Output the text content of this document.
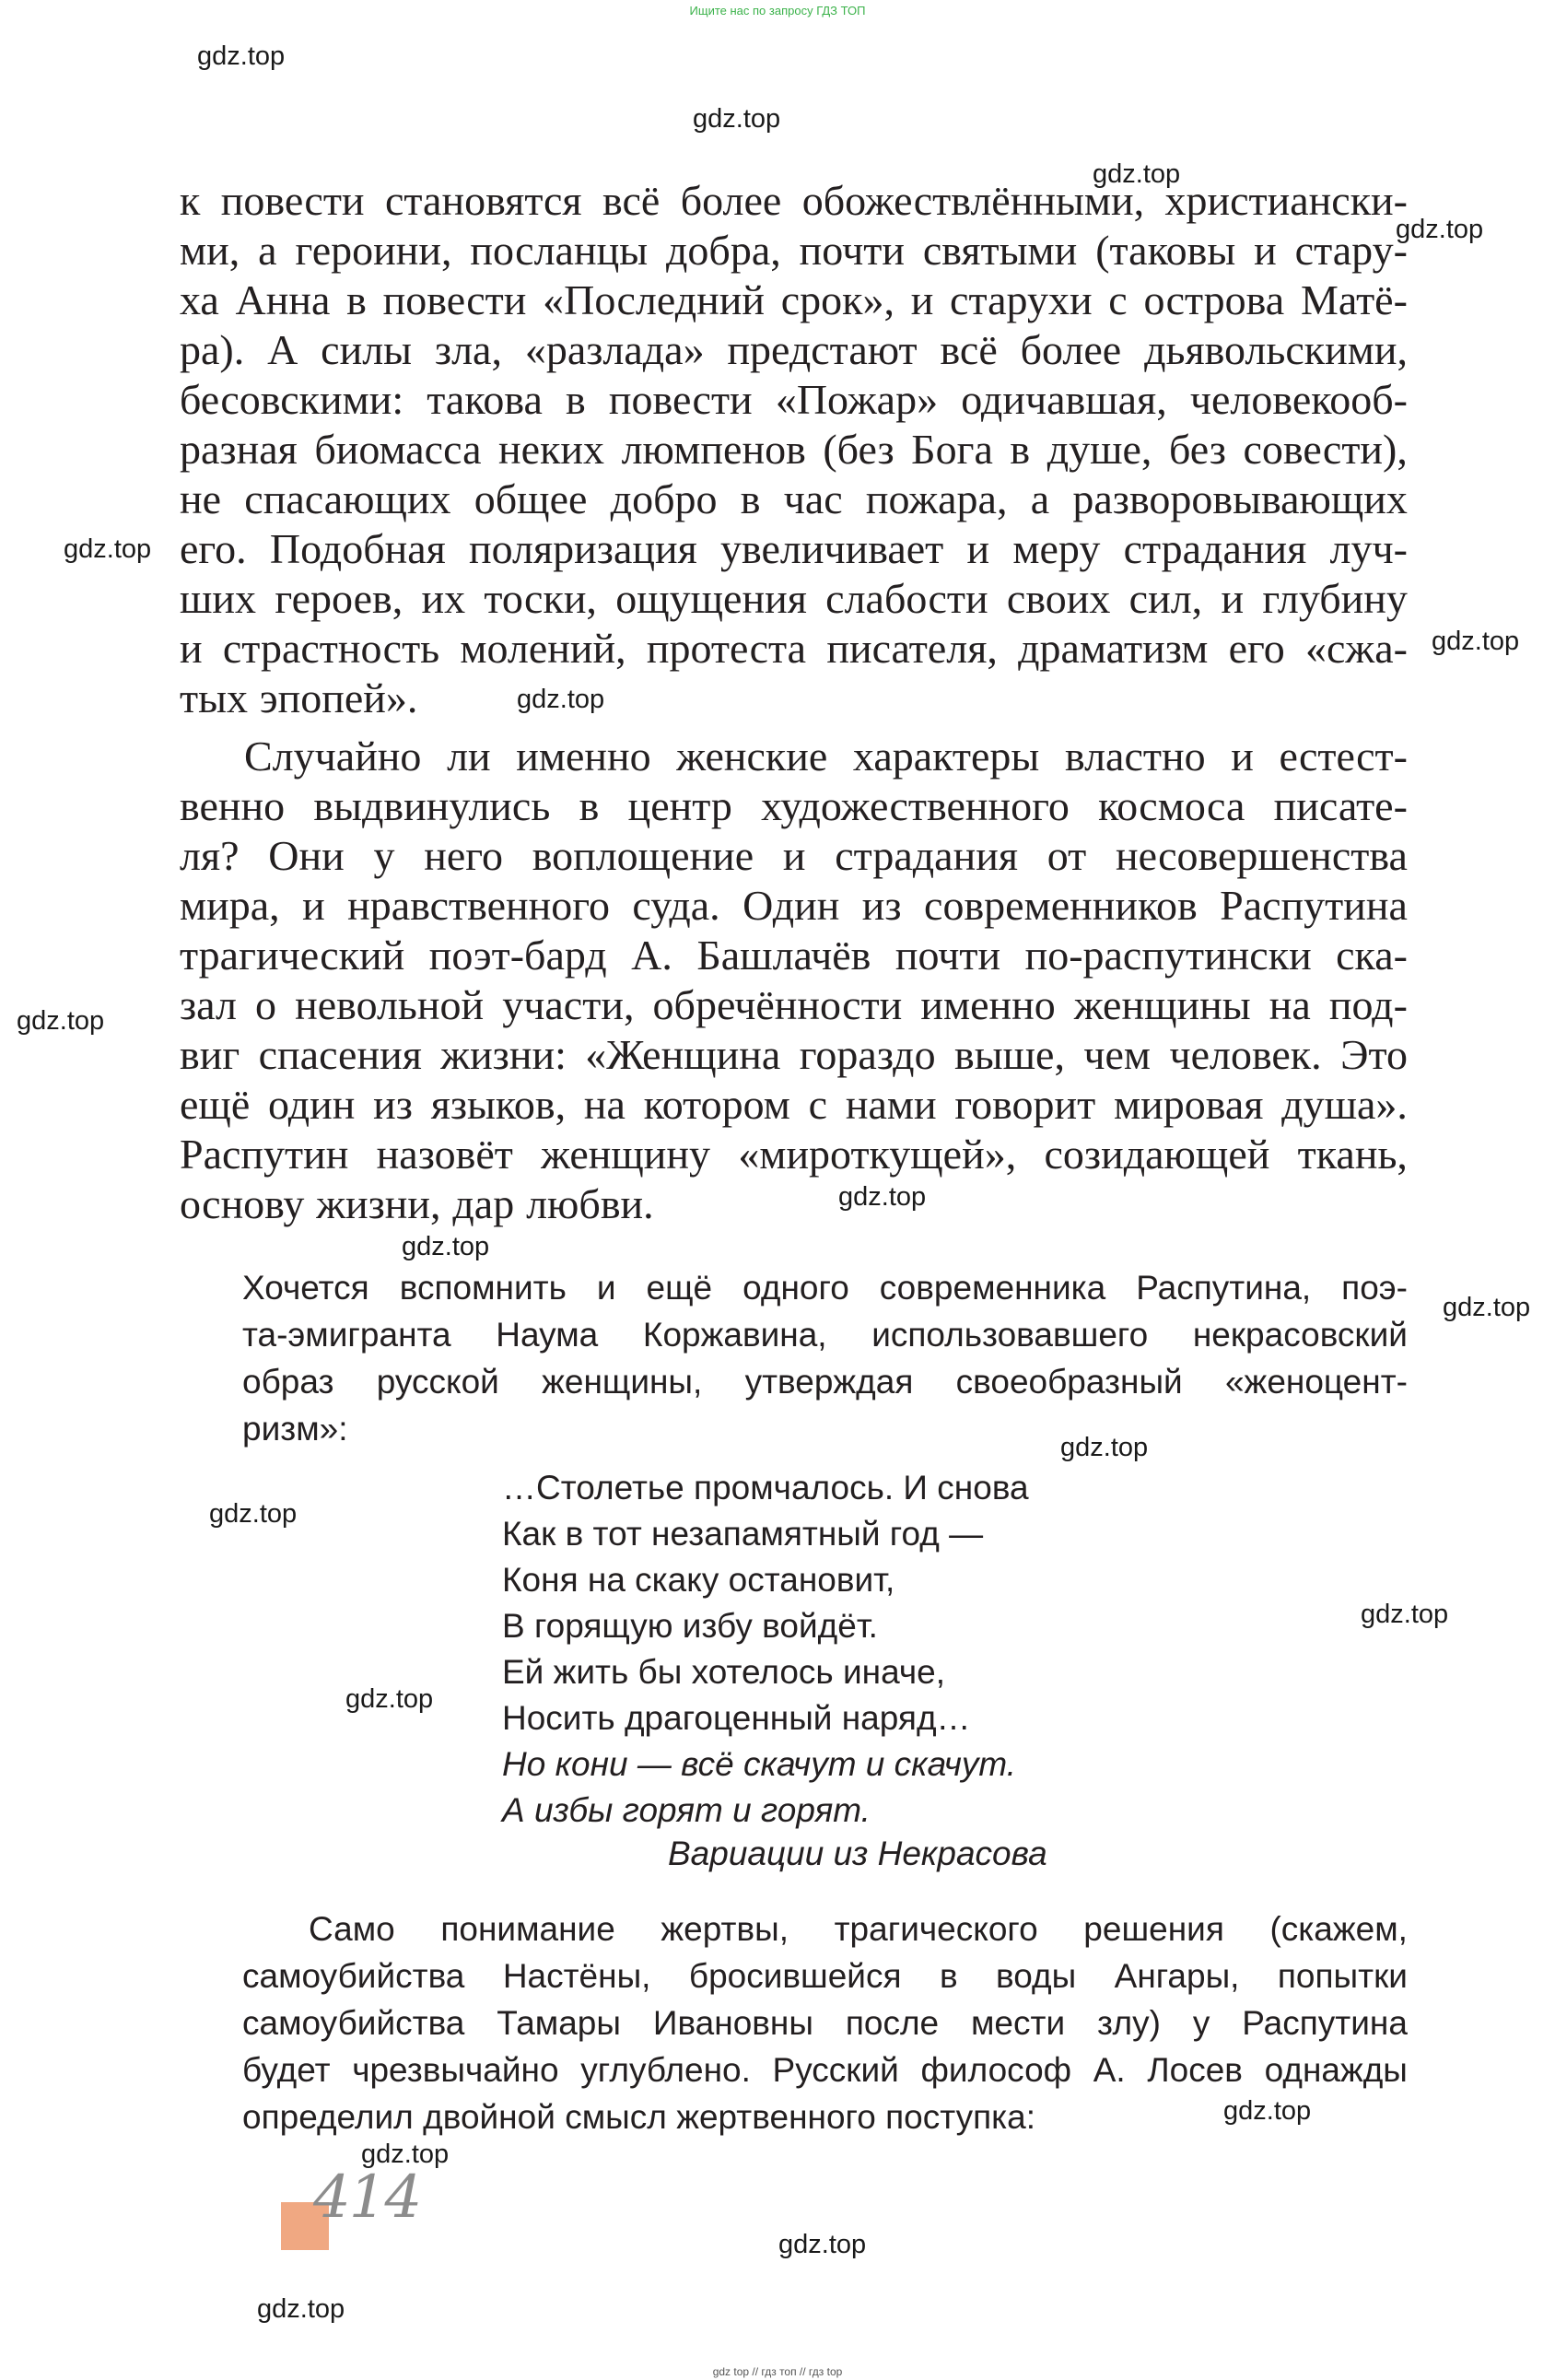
Ищите нас по запросу ГДЗ ТОП
к повести становятся всё более обожествлёнными, христиански-
ми, а героини, посланцы добра, почти святыми (таковы и стару-
ха Анна в повести «Последний срок», и старухи с острова Матё-
ра). А силы зла, «разлада» предстают всё более дьявольскими,
бесовскими: такова в повести «Пожар» одичавшая, человекооб-
разная биомасса неких люмпенов (без Бога в душе, без совести),
не спасающих общее добро в час пожара, а разворовывающих
его. Подобная поляризация увеличивает и меру страдания луч-
ших героев, их тоски, ощущения слабости своих сил, и глубину
и страстность молений, протеста писателя, драматизм его «сжа-
тых эпопей».
Случайно ли именно женские характеры властно и естест-
венно выдвинулись в центр художественного космоса писате-
ля? Они у него воплощение и страдания от несовершенства
мира, и нравственного суда. Один из современников Распутина
трагический поэт-бард А. Башлачёв почти по-распутински ска-
зал о невольной участи, обречённости именно женщины на под-
виг спасения жизни: «Женщина гораздо выше, чем человек. Это
ещё один из языков, на котором с нами говорит мировая душа».
Распутин назовёт женщину «мироткущей», созидающей ткань,
основу жизни, дар любви.
Хочется вспомнить и ещё одного современника Распутина, поэ-
та-эмигранта Наума Коржавина, использовавшего некрасовский
образ русской женщины, утверждая своеобразный «женоцент-
ризм»:
…Столетье промчалось. И снова
Как в тот незапамятный год —
Коня на скаку остановит,
В горящую избу войдёт.
Ей жить бы хотелось иначе,
Носить драгоценный наряд…
Но кони — всё скачут и скачут.
А избы горят и горят.
Вариации из Некрасова
Само понимание жертвы, трагического решения (скажем,
самоубийства Настёны, бросившейся в воды Ангары, попытки
самоубийства Тамары Ивановны после мести злу) у Распутина
будет чрезвычайно углублено. Русский философ А. Лосев однажды
определил двойной смысл жертвенного поступка:
414
gdz.top
gdz.top
gdz.top
gdz.top
gdz.top
gdz.top
gdz.top
gdz.top
gdz.top
gdz.top
gdz.top
gdz.top
gdz.top
gdz.top
gdz.top
gdz.top
gdz.top
gdz.top
gdz.top
gdz top // гдз топ // гдз top
